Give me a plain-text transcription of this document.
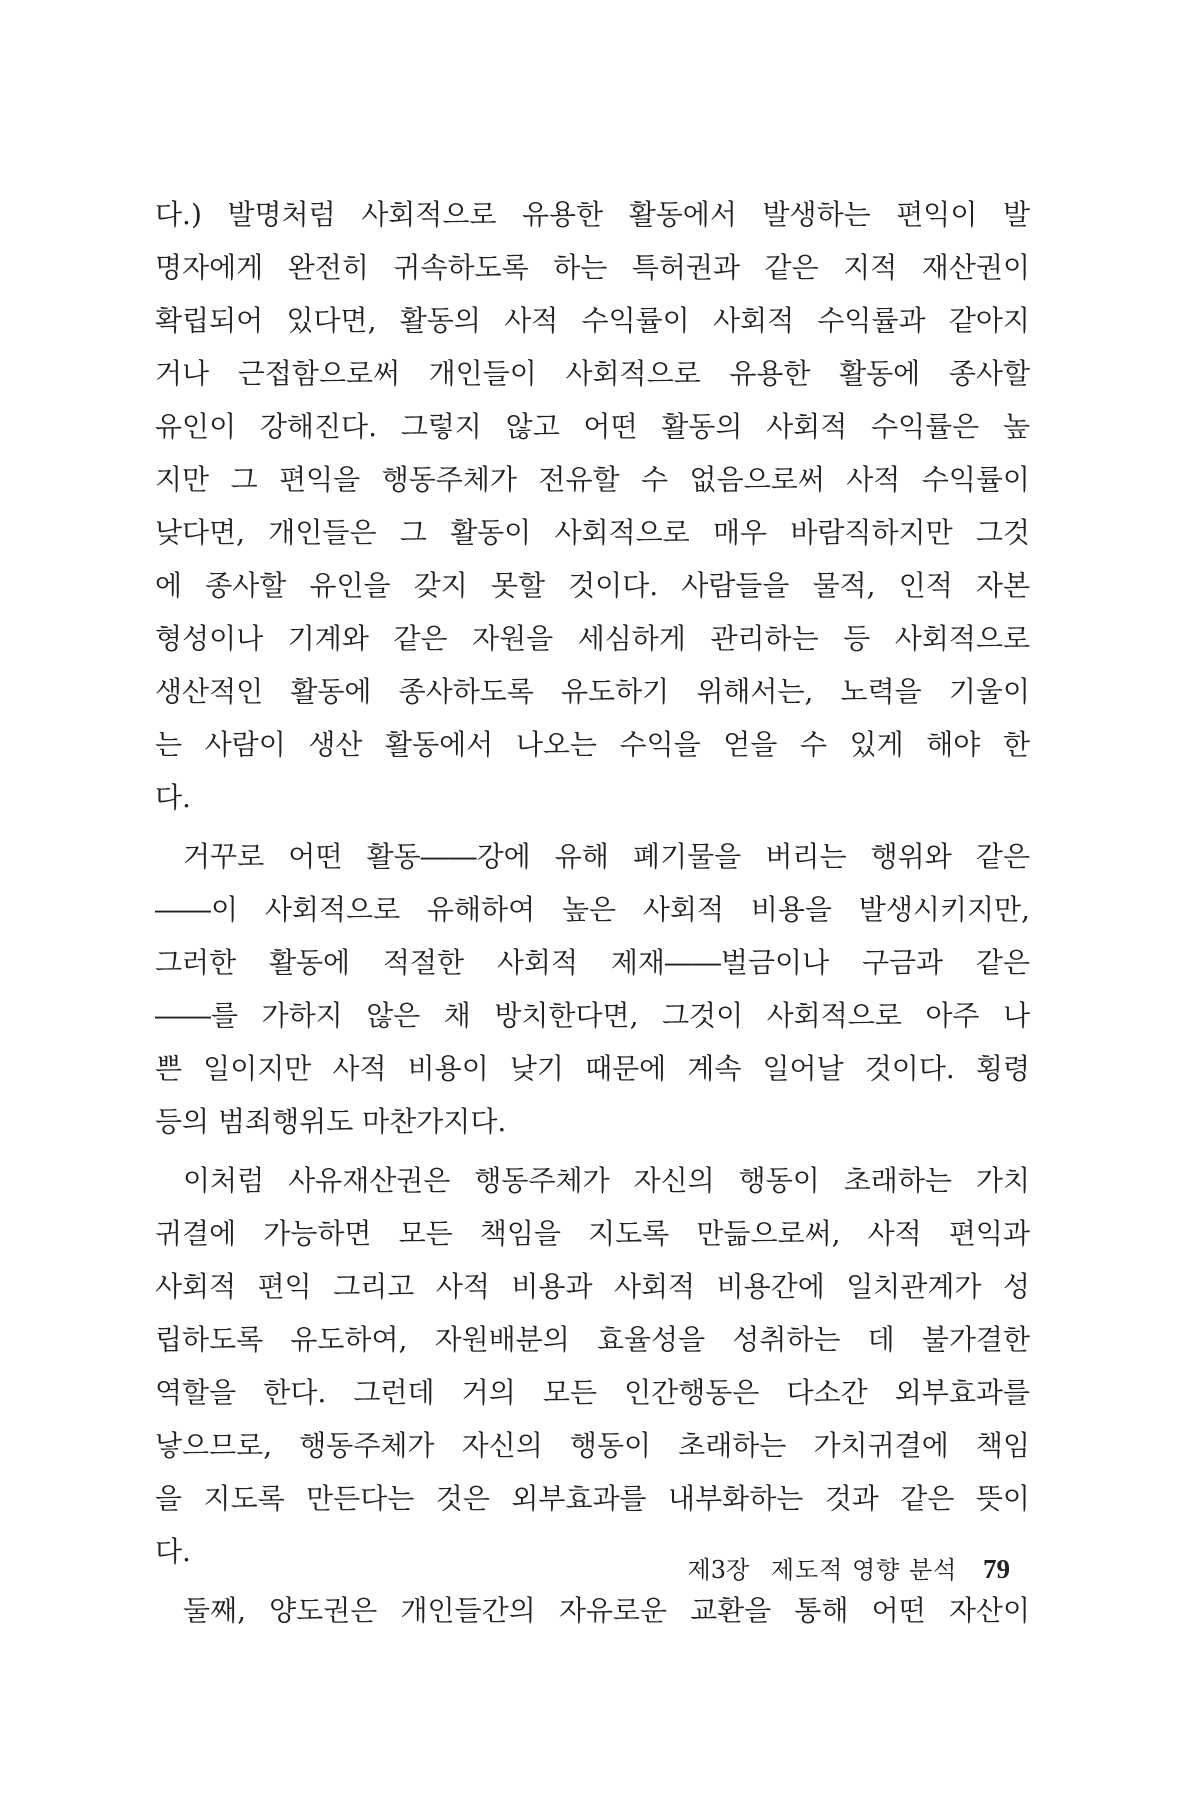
다.) 발명처럼 사회적으로 유용한 활동에서 발생하는 편익이 발
명자에게 완전히 귀속하도록 하는 특허권과 같은 지적 재산권이
확립되어 있다면, 활동의 사적 수익률이 사회적 수익률과 같아지
거나 근접함으로써 개인들이 사회적으로 유용한 활동에 종사할
유인이 강해진다. 그렇지 않고 어떤 활동의 사회적 수익률은 높
지만 그 편익을 행동주체가 전유할 수 없음으로써 사적 수익률이
낮다면, 개인들은 그 활동이 사회적으로 매우 바람직하지만 그것
에 종사할 유인을 갖지 못할 것이다. 사람들을 물적, 인적 자본
형성이나 기계와 같은 자원을 세심하게 관리하는 등 사회적으로
생산적인 활동에 종사하도록 유도하기 위해서는, 노력을 기울이
는 사람이 생산 활동에서 나오는 수익을 얻을 수 있게 해야 한
다.
거꾸로 어떤 활동――강에 유해 폐기물을 버리는 행위와 같은
――이 사회적으로 유해하여 높은 사회적 비용을 발생시키지만,
그러한 활동에 적절한 사회적 제재――벌금이나 구금과 같은
――를 가하지 않은 채 방치한다면, 그것이 사회적으로 아주 나
쁜 일이지만 사적 비용이 낮기 때문에 계속 일어날 것이다. 횡령
등의 범죄행위도 마찬가지다.
이처럼 사유재산권은 행동주체가 자신의 행동이 초래하는 가치
귀결에 가능하면 모든 책임을 지도록 만듦으로써, 사적 편익과
사회적 편익 그리고 사적 비용과 사회적 비용간에 일치관계가 성
립하도록 유도하여, 자원배분의 효율성을 성취하는 데 불가결한
역할을 한다. 그런데 거의 모든 인간행동은 다소간 외부효과를
낳으므로, 행동주체가 자신의 행동이 초래하는 가치귀결에 책임
을 지도록 만든다는 것은 외부효과를 내부화하는 것과 같은 뜻이
다.
둘째, 양도권은 개인들간의 자유로운 교환을 통해 어떤 자산이
제3장 제도적 영향 분석 79
